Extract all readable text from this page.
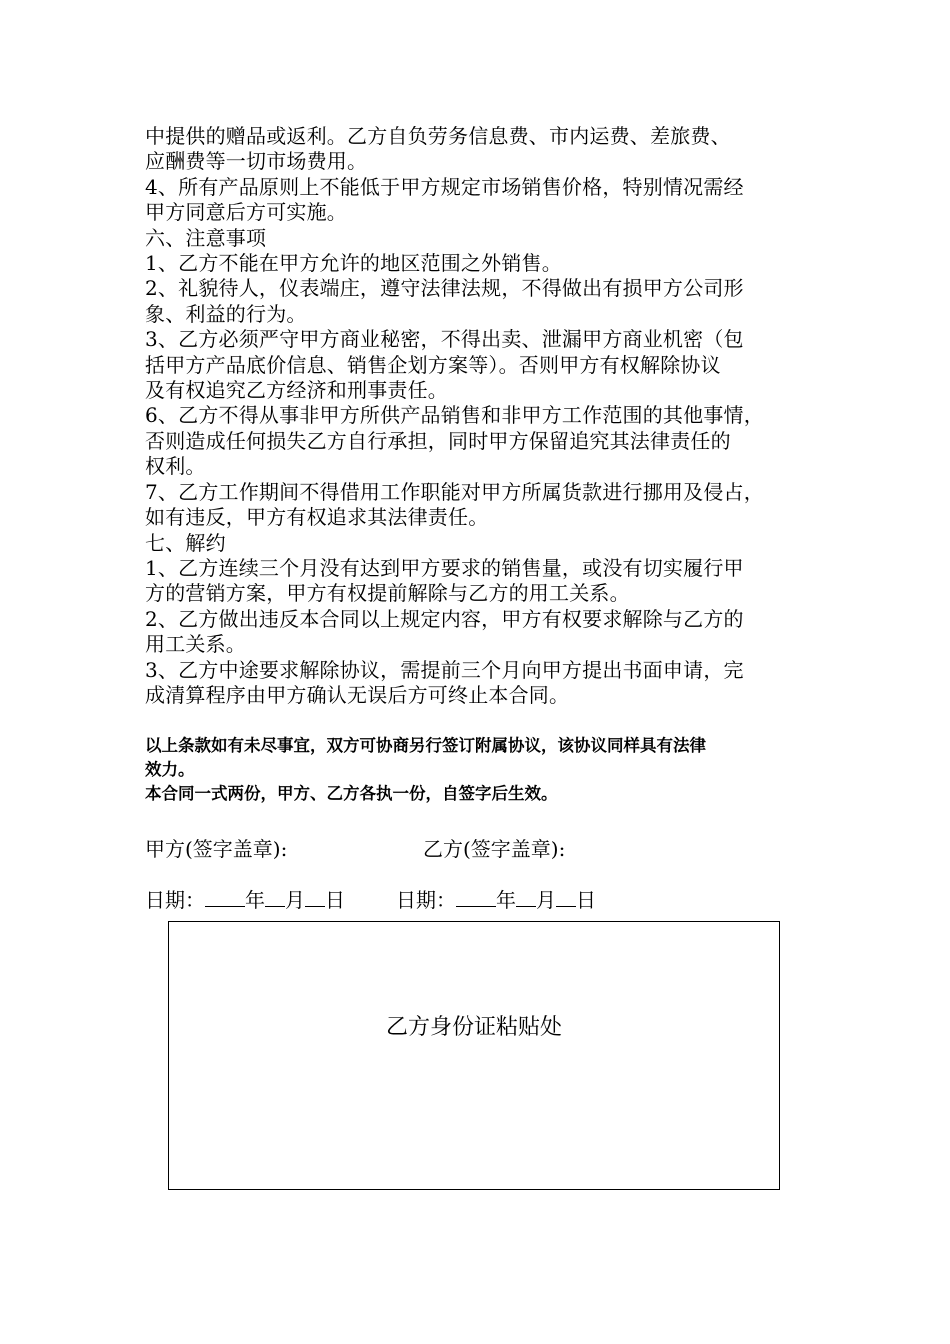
中提供的赠品或返利。乙方自负劳务信息费、市内运费、差旅费、
应酬费等一切市场费用。
4、所有产品原则上不能低于甲方规定市场销售价格，特别情况需经
甲方同意后方可实施。
六、注意事项
1、乙方不能在甲方允许的地区范围之外销售。
2、礼貌待人，仪表端庄，遵守法律法规，不得做出有损甲方公司形
象、利益的行为。
3、乙方必须严守甲方商业秘密，不得出卖、泄漏甲方商业机密（包
括甲方产品底价信息、销售企划方案等）。否则甲方有权解除协议
及有权追究乙方经济和刑事责任。
6、乙方不得从事非甲方所供产品销售和非甲方工作范围的其他事情，
否则造成任何损失乙方自行承担，同时甲方保留追究其法律责任的
权利。
7、乙方工作期间不得借用工作职能对甲方所属货款进行挪用及侵占，
如有违反，甲方有权追求其法律责任。
七、解约
1、乙方连续三个月没有达到甲方要求的销售量，或没有切实履行甲
方的营销方案，甲方有权提前解除与乙方的用工关系。
2、乙方做出违反本合同以上规定内容，甲方有权要求解除与乙方的
用工关系。
3、乙方中途要求解除协议，需提前三个月向甲方提出书面申请，完
成清算程序由甲方确认无误后方可终止本合同。
以上条款如有未尽事宜，双方可协商另行签订附属协议，该协议同样具有法律
效力。
本合同一式两份，甲方、乙方各执一份，自签字后生效。
甲方(签字盖章):	乙方(签字盖章):
日期： 年 月 日	日期： 年 月 日
乙方身份证粘贴处
